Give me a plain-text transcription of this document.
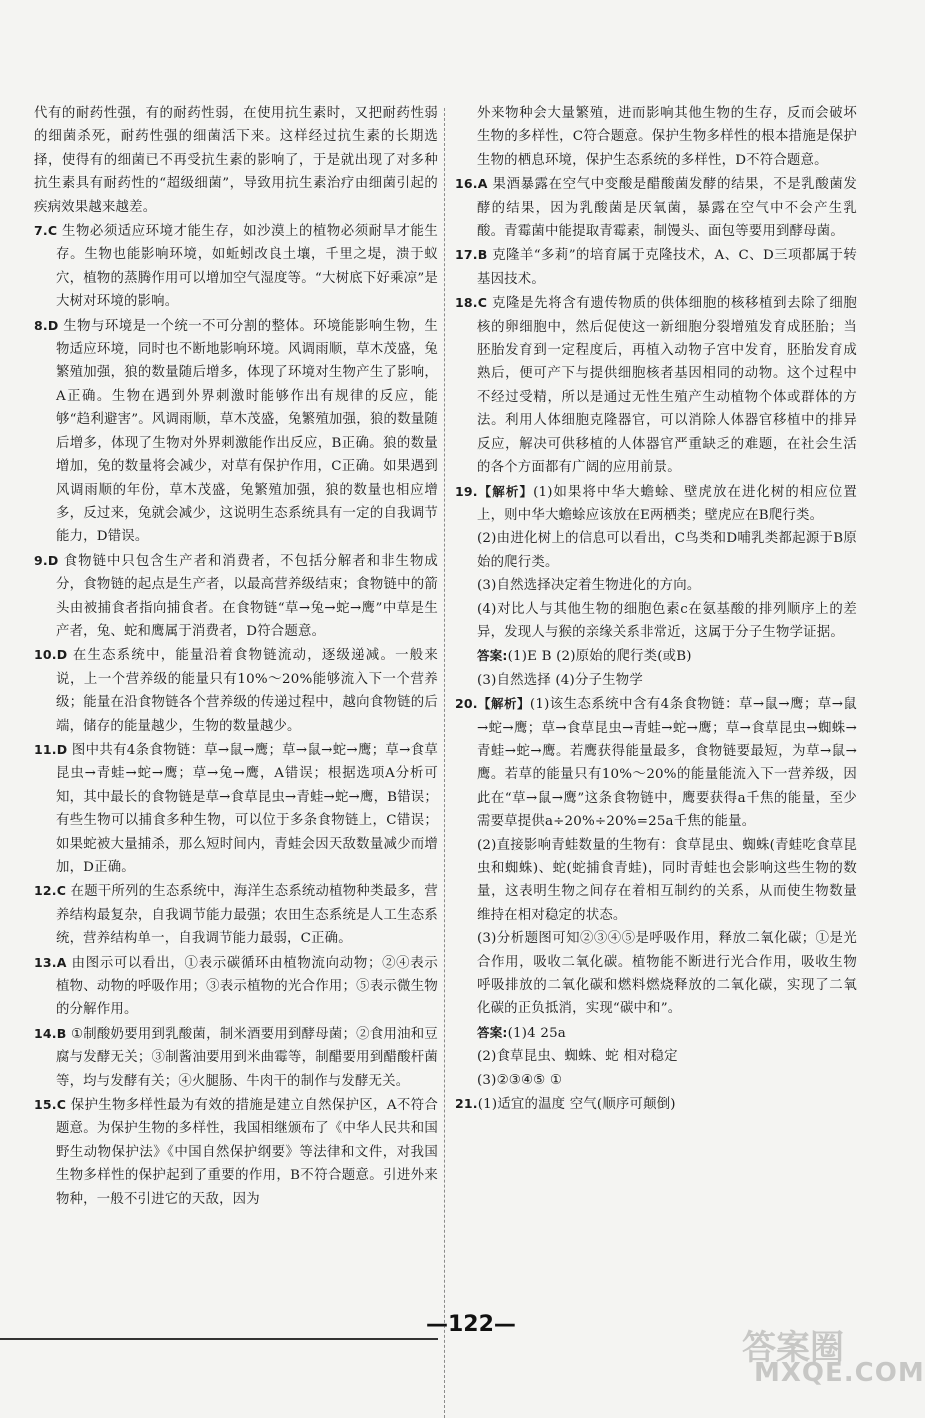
代有的耐药性强，有的耐药性弱，在使用抗生素时，又把耐药性弱的细菌杀死，耐药性强的细菌活下来。这样经过抗生素的长期选择，使得有的细菌已不再受抗生素的影响了，于是就出现了对多种抗生素具有耐药性的“超级细菌”，导致用抗生素治疗由细菌引起的疾病效果越来越差。

7.C 生物必须适应环境才能生存，如沙漠上的植物必须耐旱才能生存。生物也能影响环境，如蚯蚓改良土壤，千里之堤，溃于蚁穴，植物的蒸腾作用可以增加空气湿度等。“大树底下好乘凉”是大树对环境的影响。

8.D 生物与环境是一个统一不可分割的整体。环境能影响生物，生物适应环境，同时也不断地影响环境。风调雨顺，草木茂盛，兔繁殖加强，狼的数量随后增多，体现了环境对生物产生了影响，A正确。生物在遇到外界刺激时能够作出有规律的反应，能够“趋利避害”。风调雨顺，草木茂盛，兔繁殖加强，狼的数量随后增多，体现了生物对外界刺激能作出反应，B正确。狼的数量增加，兔的数量将会减少，对草有保护作用，C正确。如果遇到风调雨顺的年份，草木茂盛，兔繁殖加强，狼的数量也相应增多，反过来，兔就会减少，这说明生态系统具有一定的自我调节能力，D错误。

9.D 食物链中只包含生产者和消费者，不包括分解者和非生物成分，食物链的起点是生产者，以最高营养级结束；食物链中的箭头由被捕食者指向捕食者。在食物链“草→兔→蛇→鹰”中草是生产者，兔、蛇和鹰属于消费者，D符合题意。

10.D 在生态系统中，能量沿着食物链流动，逐级递减。一般来说，上一个营养级的能量只有10%～20%能够流入下一个营养级；能量在沿食物链各个营养级的传递过程中，越向食物链的后端，储存的能量越少，生物的数量越少。

11.D 图中共有4条食物链：草→鼠→鹰；草→鼠→蛇→鹰；草→食草昆虫→青蛙→蛇→鹰；草→兔→鹰，A错误；根据选项A分析可知，其中最长的食物链是草→食草昆虫→青蛙→蛇→鹰，B错误；有些生物可以捕食多种生物，可以位于多条食物链上，C错误；如果蛇被大量捕杀，那么短时间内，青蛙会因天敌数量减少而增加，D正确。

12.C 在题干所列的生态系统中，海洋生态系统动植物种类最多，营养结构最复杂，自我调节能力最强；农田生态系统是人工生态系统，营养结构单一，自我调节能力最弱，C正确。

13.A 由图示可以看出，①表示碳循环由植物流向动物；②④表示植物、动物的呼吸作用；③表示植物的光合作用；⑤表示微生物的分解作用。

14.B ①制酸奶要用到乳酸菌，制米酒要用到酵母菌；②食用油和豆腐与发酵无关；③制酱油要用到米曲霉等，制醋要用到醋酸杆菌等，均与发酵有关；④火腿肠、牛肉干的制作与发酵无关。

15.C 保护生物多样性最为有效的措施是建立自然保护区，A不符合题意。为保护生物的多样性，我国相继颁布了《中华人民共和国野生动物保护法》《中国自然保护纲要》等法律和文件，对我国生物多样性的保护起到了重要的作用，B不符合题意。引进外来物种，一般不引进它的天敌，因为

外来物种会大量繁殖，进而影响其他生物的生存，反而会破坏生物的多样性，C符合题意。保护生物多样性的根本措施是保护生物的栖息环境，保护生态系统的多样性，D不符合题意。

16.A 果酒暴露在空气中变酸是醋酸菌发酵的结果，不是乳酸菌发酵的结果，因为乳酸菌是厌氧菌，暴露在空气中不会产生乳酸。青霉菌中能提取青霉素，制馒头、面包等要用到酵母菌。

17.B 克隆羊“多莉”的培育属于克隆技术，A、C、D三项都属于转基因技术。

18.C 克隆是先将含有遗传物质的供体细胞的核移植到去除了细胞核的卵细胞中，然后促使这一新细胞分裂增殖发育成胚胎；当胚胎发育到一定程度后，再植入动物子宫中发育，胚胎发育成熟后，便可产下与提供细胞核者基因相同的动物。这个过程中不经过受精，所以是通过无性生殖产生动植物个体或群体的方法。利用人体细胞克隆器官，可以消除人体器官移植中的排异反应，解决可供移植的人体器官严重缺乏的难题，在社会生活的各个方面都有广阔的应用前景。

19.【解析】(1)如果将中华大蟾蜍、壁虎放在进化树的相应位置上，则中华大蟾蜍应该放在E两栖类；壁虎应在B爬行类。

(2)由进化树上的信息可以看出，C鸟类和D哺乳类都起源于B原始的爬行类。

(3)自然选择决定着生物进化的方向。

(4)对比人与其他生物的细胞色素c在氨基酸的排列顺序上的差异，发现人与猴的亲缘关系非常近，这属于分子生物学证据。

答案:(1)E B (2)原始的爬行类(或B)

(3)自然选择 (4)分子生物学

20.【解析】(1)该生态系统中含有4条食物链：草→鼠→鹰；草→鼠→蛇→鹰；草→食草昆虫→青蛙→蛇→鹰；草→食草昆虫→蜘蛛→青蛙→蛇→鹰。若鹰获得能量最多，食物链要最短，为草→鼠→鹰。若草的能量只有10%～20%的能量能流入下一营养级，因此在“草→鼠→鹰”这条食物链中，鹰要获得a千焦的能量，至少需要草提供a÷20%÷20%=25a千焦的能量。

(2)直接影响青蛙数量的生物有：食草昆虫、蜘蛛(青蛙吃食草昆虫和蜘蛛)、蛇(蛇捕食青蛙)，同时青蛙也会影响这些生物的数量，这表明生物之间存在着相互制约的关系，从而使生物数量维持在相对稳定的状态。

(3)分析题图可知②③④⑤是呼吸作用，释放二氧化碳；①是光合作用，吸收二氧化碳。植物能不断进行光合作用，吸收生物呼吸排放的二氧化碳和燃料燃烧释放的二氧化碳，实现了二氧化碳的正负抵消，实现“碳中和”。

答案:(1)4 25a

(2)食草昆虫、蜘蛛、蛇 相对稳定

(3)②③④⑤ ①

21.(1)适宜的温度 空气(顺序可颠倒)

—122—
答案圈
MXQE.COM
